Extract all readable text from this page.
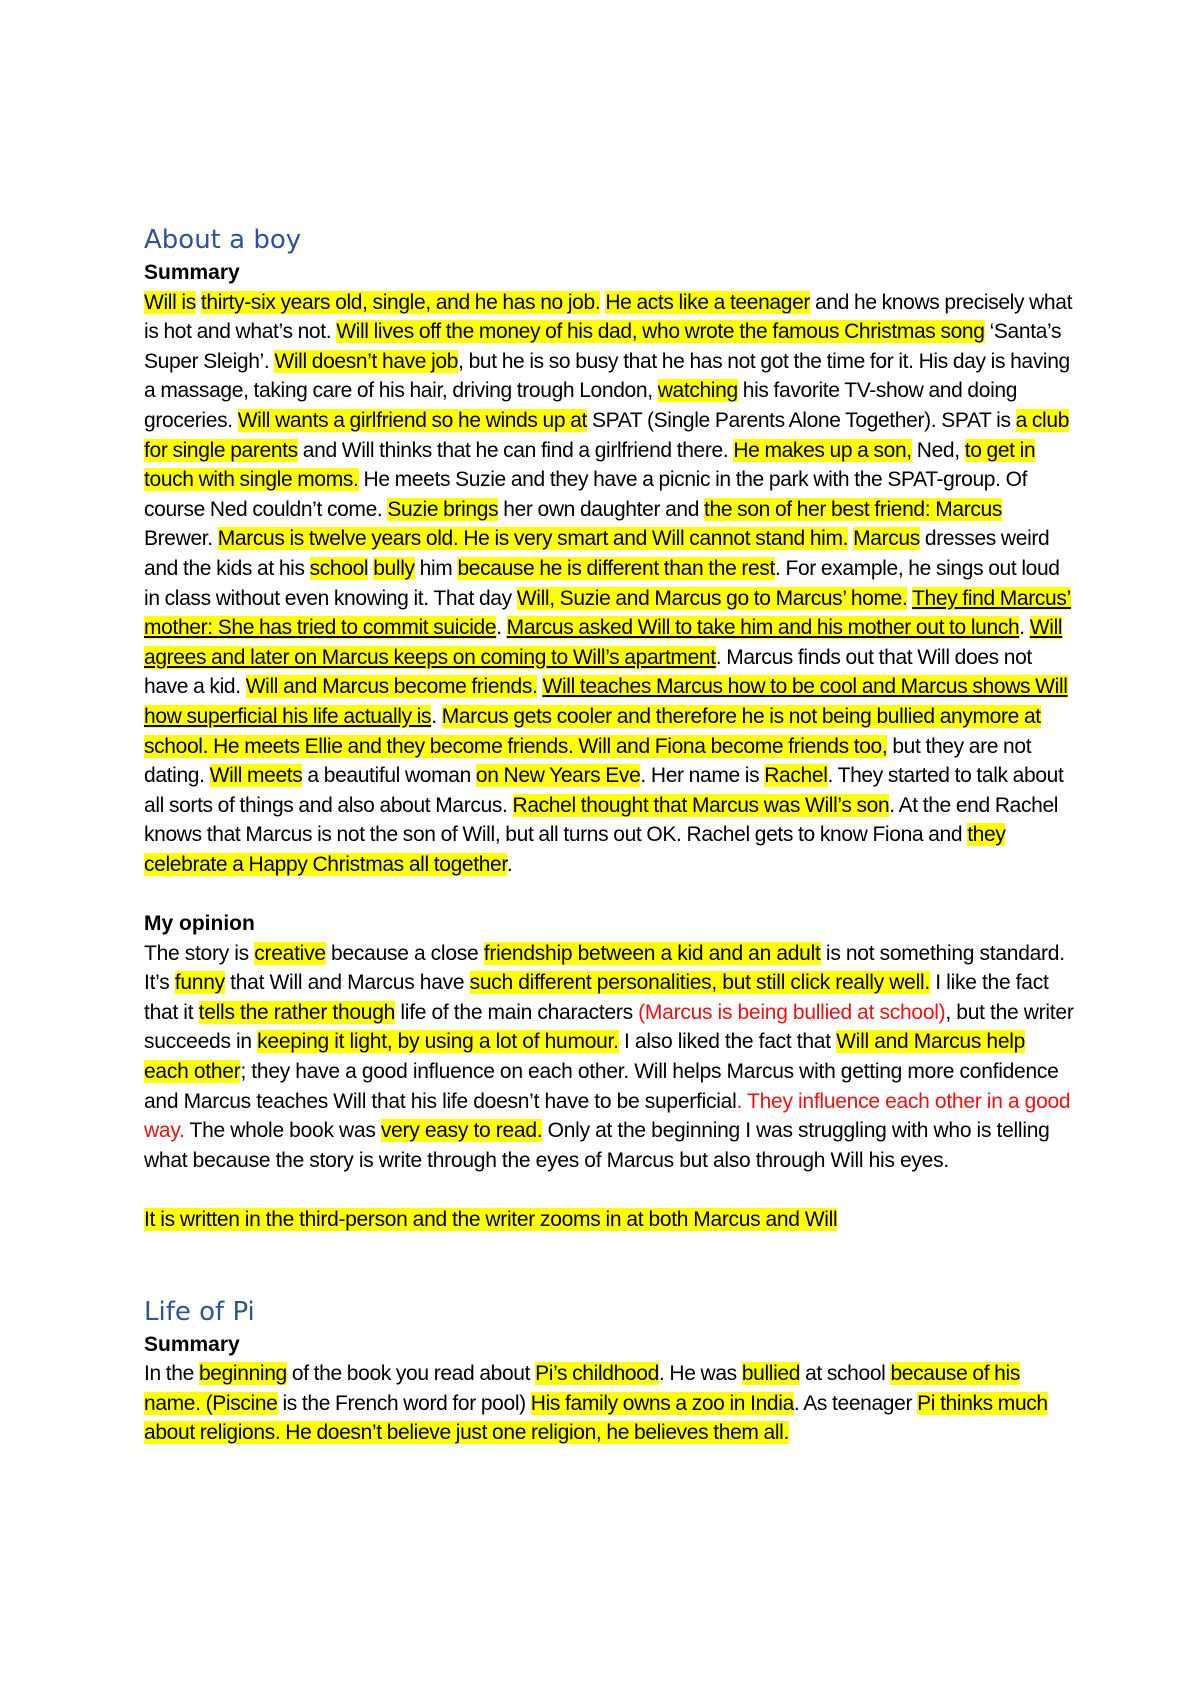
About a boy

Summary

Will is thirty-six years old, single, and he has no job. He acts like a teenager and he knows precisely what is hot and what’s not. Will lives off the money of his dad, who wrote the famous Christmas song ‘Santa’s Super Sleigh’. Will doesn’t have job, but he is so busy that he has not got the time for it. His day is having a massage, taking care of his hair, driving trough London, watching his favorite TV-show and doing groceries. Will wants a girlfriend so he winds up at SPAT (Single Parents Alone Together). SPAT is a club for single parents and Will thinks that he can find a girlfriend there. He makes up a son, Ned, to get in touch with single moms. He meets Suzie and they have a picnic in the park with the SPAT-group. Of course Ned couldn’t come. Suzie brings her own daughter and the son of her best friend: Marcus Brewer. Marcus is twelve years old. He is very smart and Will cannot stand him. Marcus dresses weird and the kids at his school bully him because he is different than the rest. For example, he sings out loud in class without even knowing it. That day Will, Suzie and Marcus go to Marcus’ home. They find Marcus’ mother: She has tried to commit suicide. Marcus asked Will to take him and his mother out to lunch. Will agrees and later on Marcus keeps on coming to Will’s apartment. Marcus finds out that Will does not have a kid. Will and Marcus become friends. Will teaches Marcus how to be cool and Marcus shows Will how superficial his life actually is. Marcus gets cooler and therefore he is not being bullied anymore at school. He meets Ellie and they become friends. Will and Fiona become friends too, but they are not dating. Will meets a beautiful woman on New Years Eve. Her name is Rachel. They started to talk about all sorts of things and also about Marcus. Rachel thought that Marcus was Will’s son. At the end Rachel knows that Marcus is not the son of Will, but all turns out OK. Rachel gets to know Fiona and they celebrate a Happy Christmas all together.

My opinion

The story is creative because a close friendship between a kid and an adult is not something standard. It’s funny that Will and Marcus have such different personalities, but still click really well. I like the fact that it tells the rather though life of the main characters (Marcus is being bullied at school), but the writer succeeds in keeping it light, by using a lot of humour. I also liked the fact that Will and Marcus help each other; they have a good influence on each other. Will helps Marcus with getting more confidence and Marcus teaches Will that his life doesn’t have to be superficial. They influence each other in a good way. The whole book was very easy to read. Only at the beginning I was struggling with who is telling what because the story is write through the eyes of Marcus but also through Will his eyes.

It is written in the third-person and the writer zooms in at both Marcus and Will

Life of Pi

Summary

In the beginning of the book you read about Pi’s childhood. He was bullied at school because of his name. (Piscine is the French word for pool) His family owns a zoo in India. As teenager Pi thinks much about religions. He doesn’t believe just one religion, he believes them all.
